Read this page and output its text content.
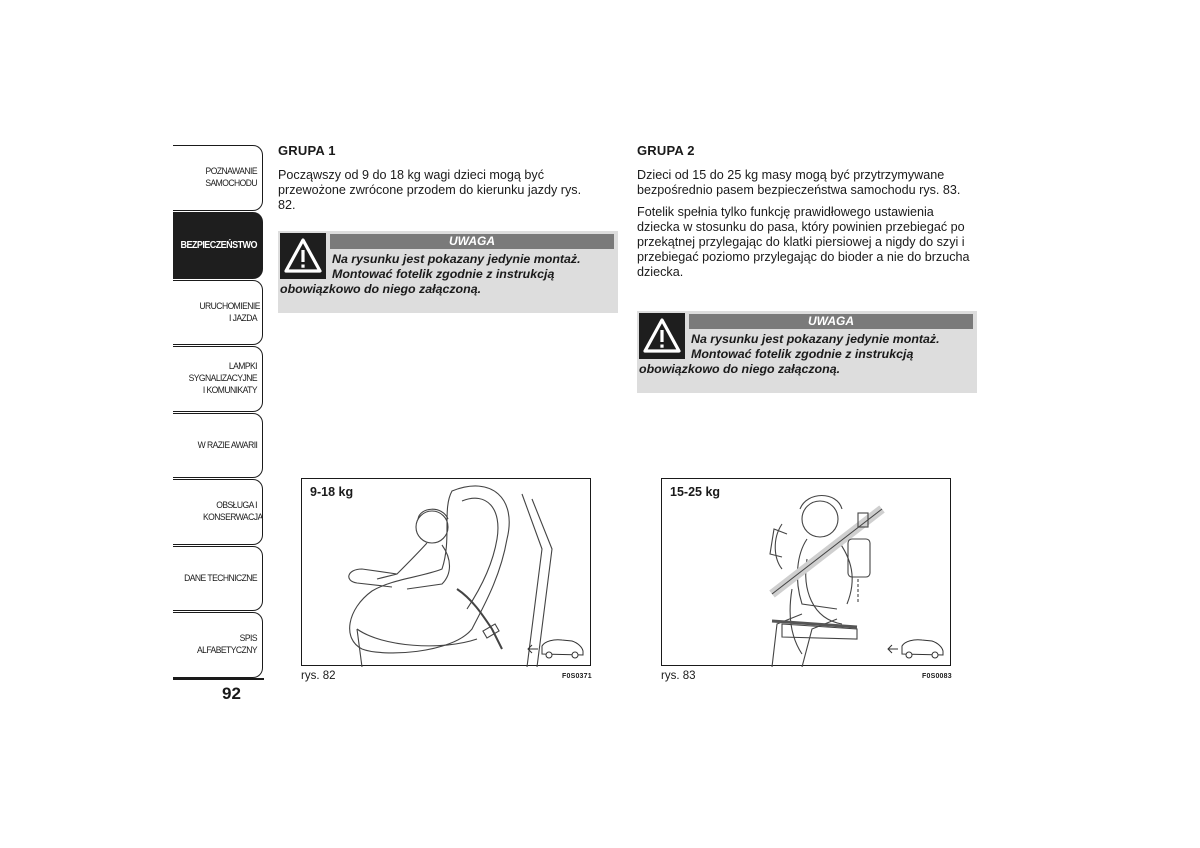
POZNAWANIE SAMOCHODU
BEZPIECZEŃSTWO
URUCHOMIENIE I JAZDA
LAMPKI SYGNALIZACYJNE I KOMUNIKATY
W RAZIE AWARII
OBSŁUGA I KONSERWACJA
DANE TECHNICZNE
SPIS ALFABETYCZNY
92
GRUPA 1

Począwszy od 9 do 18 kg wagi dzieci mogą być przewożone zwrócone przodem do kierunku jazdy rys. 82.

UWAGA
Na rysunku jest pokazany jedynie montaż.
Montować fotelik zgodnie z instrukcją
obowiązkowo do niego załączoną.
GRUPA 2

Dzieci od 15 do 25 kg masy mogą być przytrzymywane bezpośrednio pasem bezpieczeństwa samochodu rys. 83.

Fotelik spełnia tylko funkcję prawidłowego ustawienia dziecka w stosunku do pasa, który powinien przebiegać po przekątnej przylegając do klatki piersiowej a nigdy do szyi i przebiegać poziomo przylegając do bioder a nie do brzucha dziecka.

UWAGA
Na rysunku jest pokazany jedynie montaż.
Montować fotelik zgodnie z instrukcją
obowiązkowo do niego załączoną.
9-18 kg
rys. 82	F0S0371
15-25 kg
rys. 83	F0S0083
